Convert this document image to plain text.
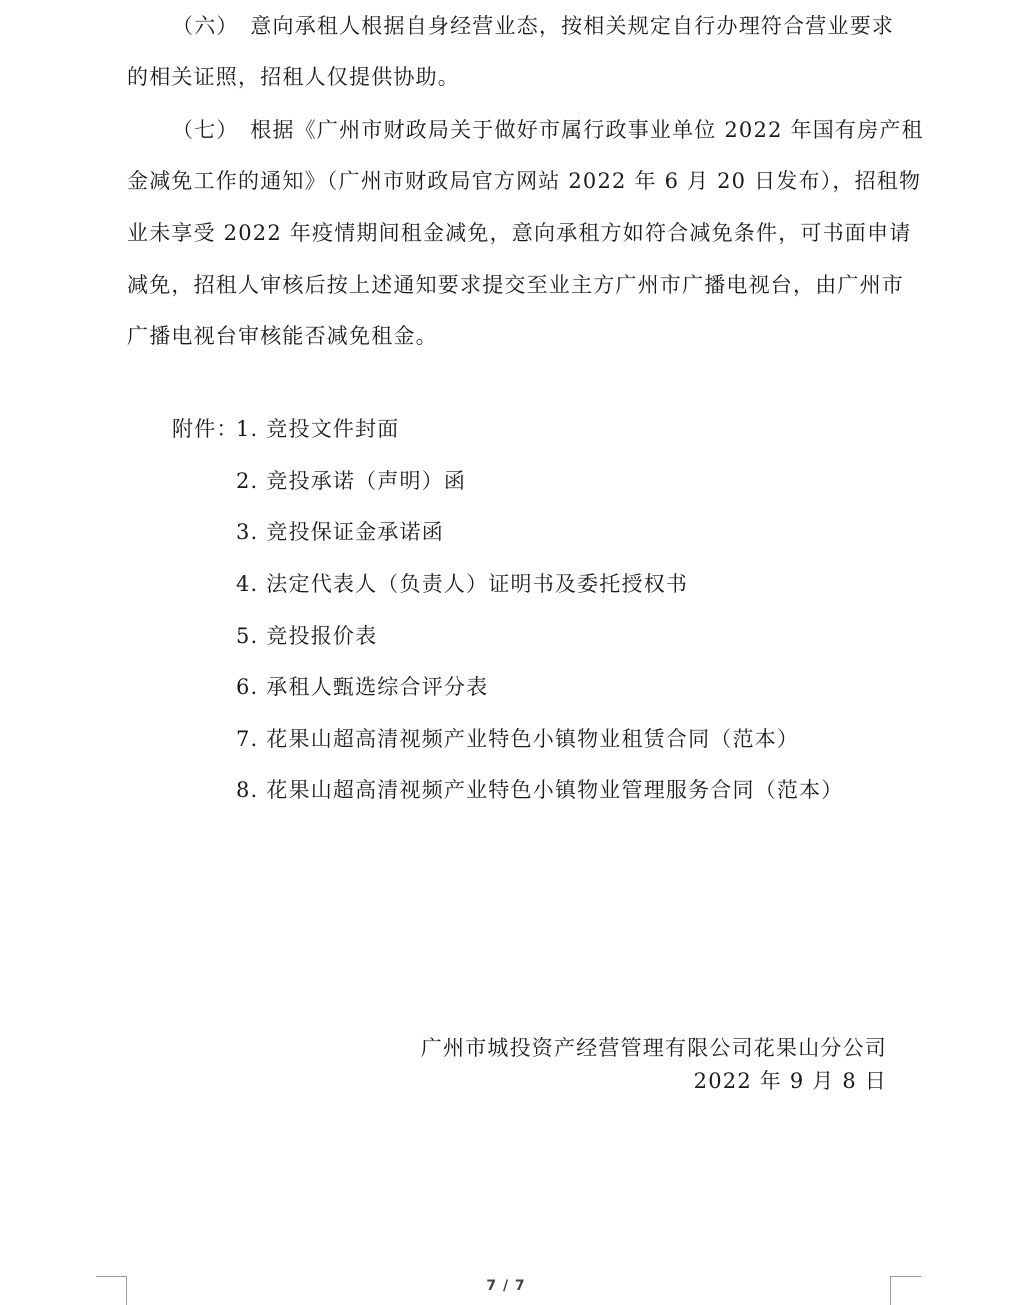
（六）　意向承租人根据自身经营业态，按相关规定自行办理符合营业要求
的相关证照，招租人仅提供协助。
（七）　根据《广州市财政局关于做好市属行政事业单位 2022 年国有房产租
金减免工作的通知》（广州市财政局官方网站 2022 年 6 月 20 日发布），招租物
业未享受 2022 年疫情期间租金减免，意向承租方如符合减免条件，可书面申请
减免，招租人审核后按上述通知要求提交至业主方广州市广播电视台，由广州市
广播电视台审核能否减免租金。
附件：
1. 竞投文件封面
2. 竞投承诺（声明）函
3. 竞投保证金承诺函
4. 法定代表人（负责人）证明书及委托授权书
5. 竞投报价表
6. 承租人甄选综合评分表
7. 花果山超高清视频产业特色小镇物业租赁合同（范本）
8. 花果山超高清视频产业特色小镇物业管理服务合同（范本）
广州市城投资产经营管理有限公司花果山分公司
2022 年 9 月 8 日
7 / 7
